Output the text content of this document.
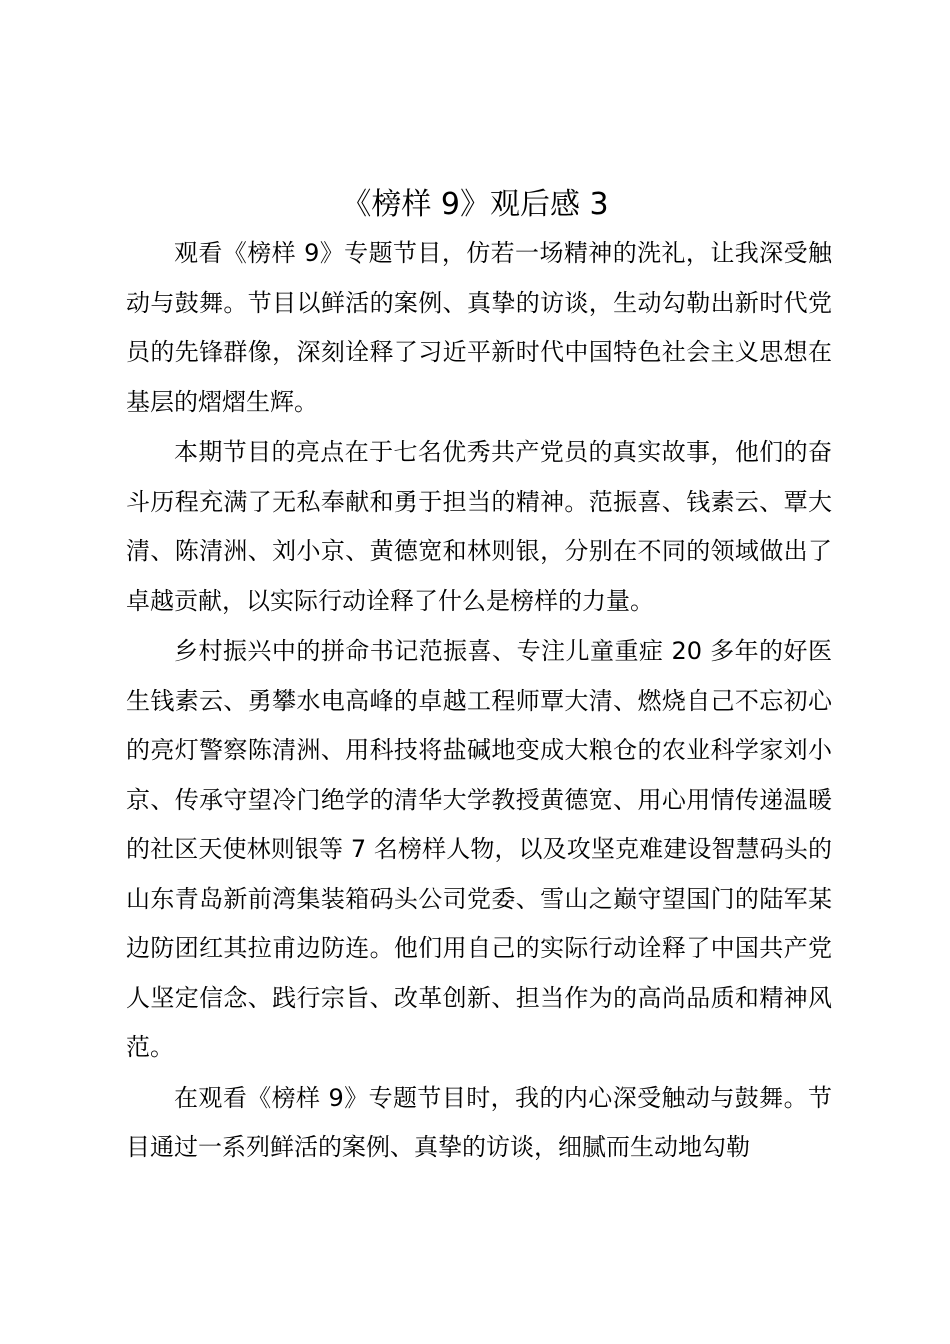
《榜样 9》观后感 3

观看《榜样 9》专题节目，仿若一场精神的洗礼，让我深受触动与鼓舞。节目以鲜活的案例、真挚的访谈，生动勾勒出新时代党员的先锋群像，深刻诠释了习近平新时代中国特色社会主义思想在基层的熠熠生辉。

本期节目的亮点在于七名优秀共产党员的真实故事，他们的奋斗历程充满了无私奉献和勇于担当的精神。范振喜、钱素云、覃大清、陈清洲、刘小京、黄德宽和林则银，分别在不同的领域做出了卓越贡献，以实际行动诠释了什么是榜样的力量。

乡村振兴中的拼命书记范振喜、专注儿童重症 20 多年的好医生钱素云、勇攀水电高峰的卓越工程师覃大清、燃烧自己不忘初心的亮灯警察陈清洲、用科技将盐碱地变成大粮仓的农业科学家刘小京、传承守望冷门绝学的清华大学教授黄德宽、用心用情传递温暖的社区天使林则银等 7 名榜样人物，以及攻坚克难建设智慧码头的山东青岛新前湾集装箱码头公司党委、雪山之巅守望国门的陆军某边防团红其拉甫边防连。他们用自己的实际行动诠释了中国共产党人坚定信念、践行宗旨、改革创新、担当作为的高尚品质和精神风范。

在观看《榜样 9》专题节目时，我的内心深受触动与鼓舞。节目通过一系列鲜活的案例、真挚的访谈，细腻而生动地勾勒
